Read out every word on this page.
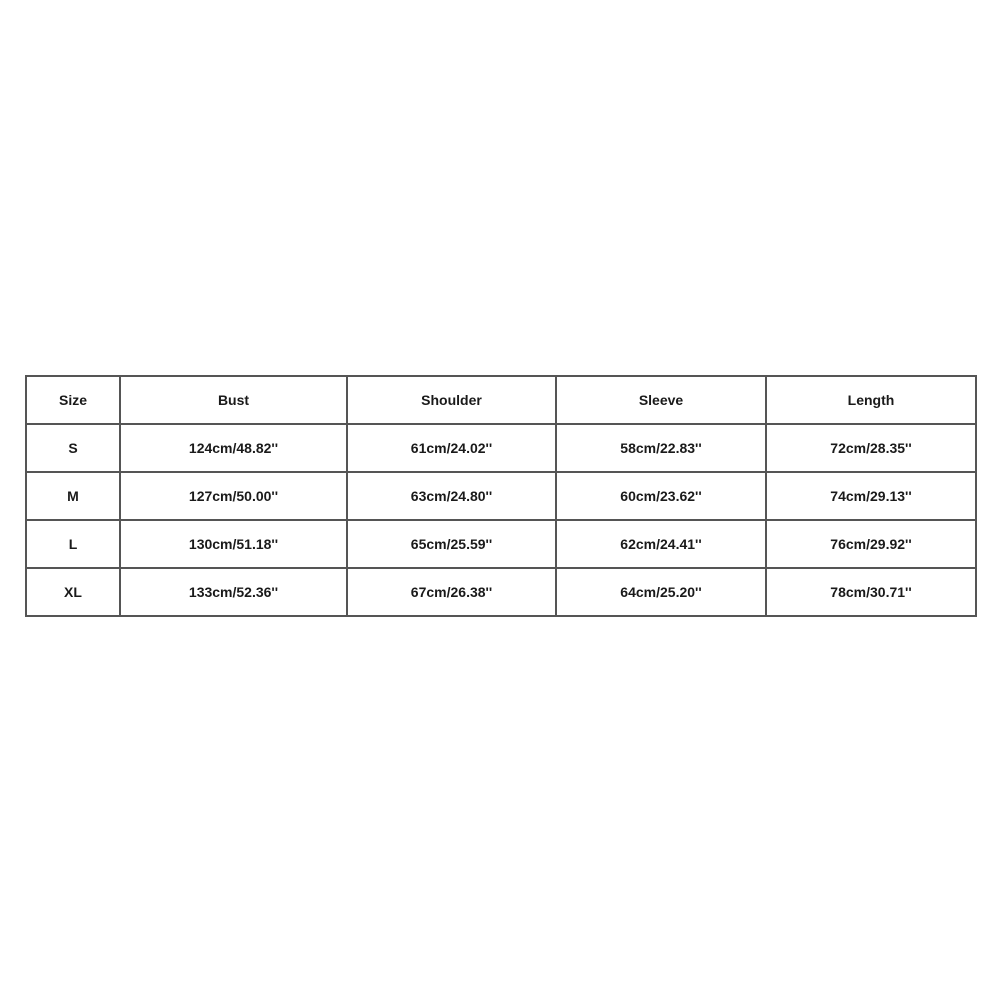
Size	Bust	Shoulder	Sleeve	Length
S	124cm/48.82''	61cm/24.02''	58cm/22.83''	72cm/28.35''
M	127cm/50.00''	63cm/24.80''	60cm/23.62''	74cm/29.13''
L	130cm/51.18''	65cm/25.59''	62cm/24.41''	76cm/29.92''
XL	133cm/52.36''	67cm/26.38''	64cm/25.20''	78cm/30.71''
